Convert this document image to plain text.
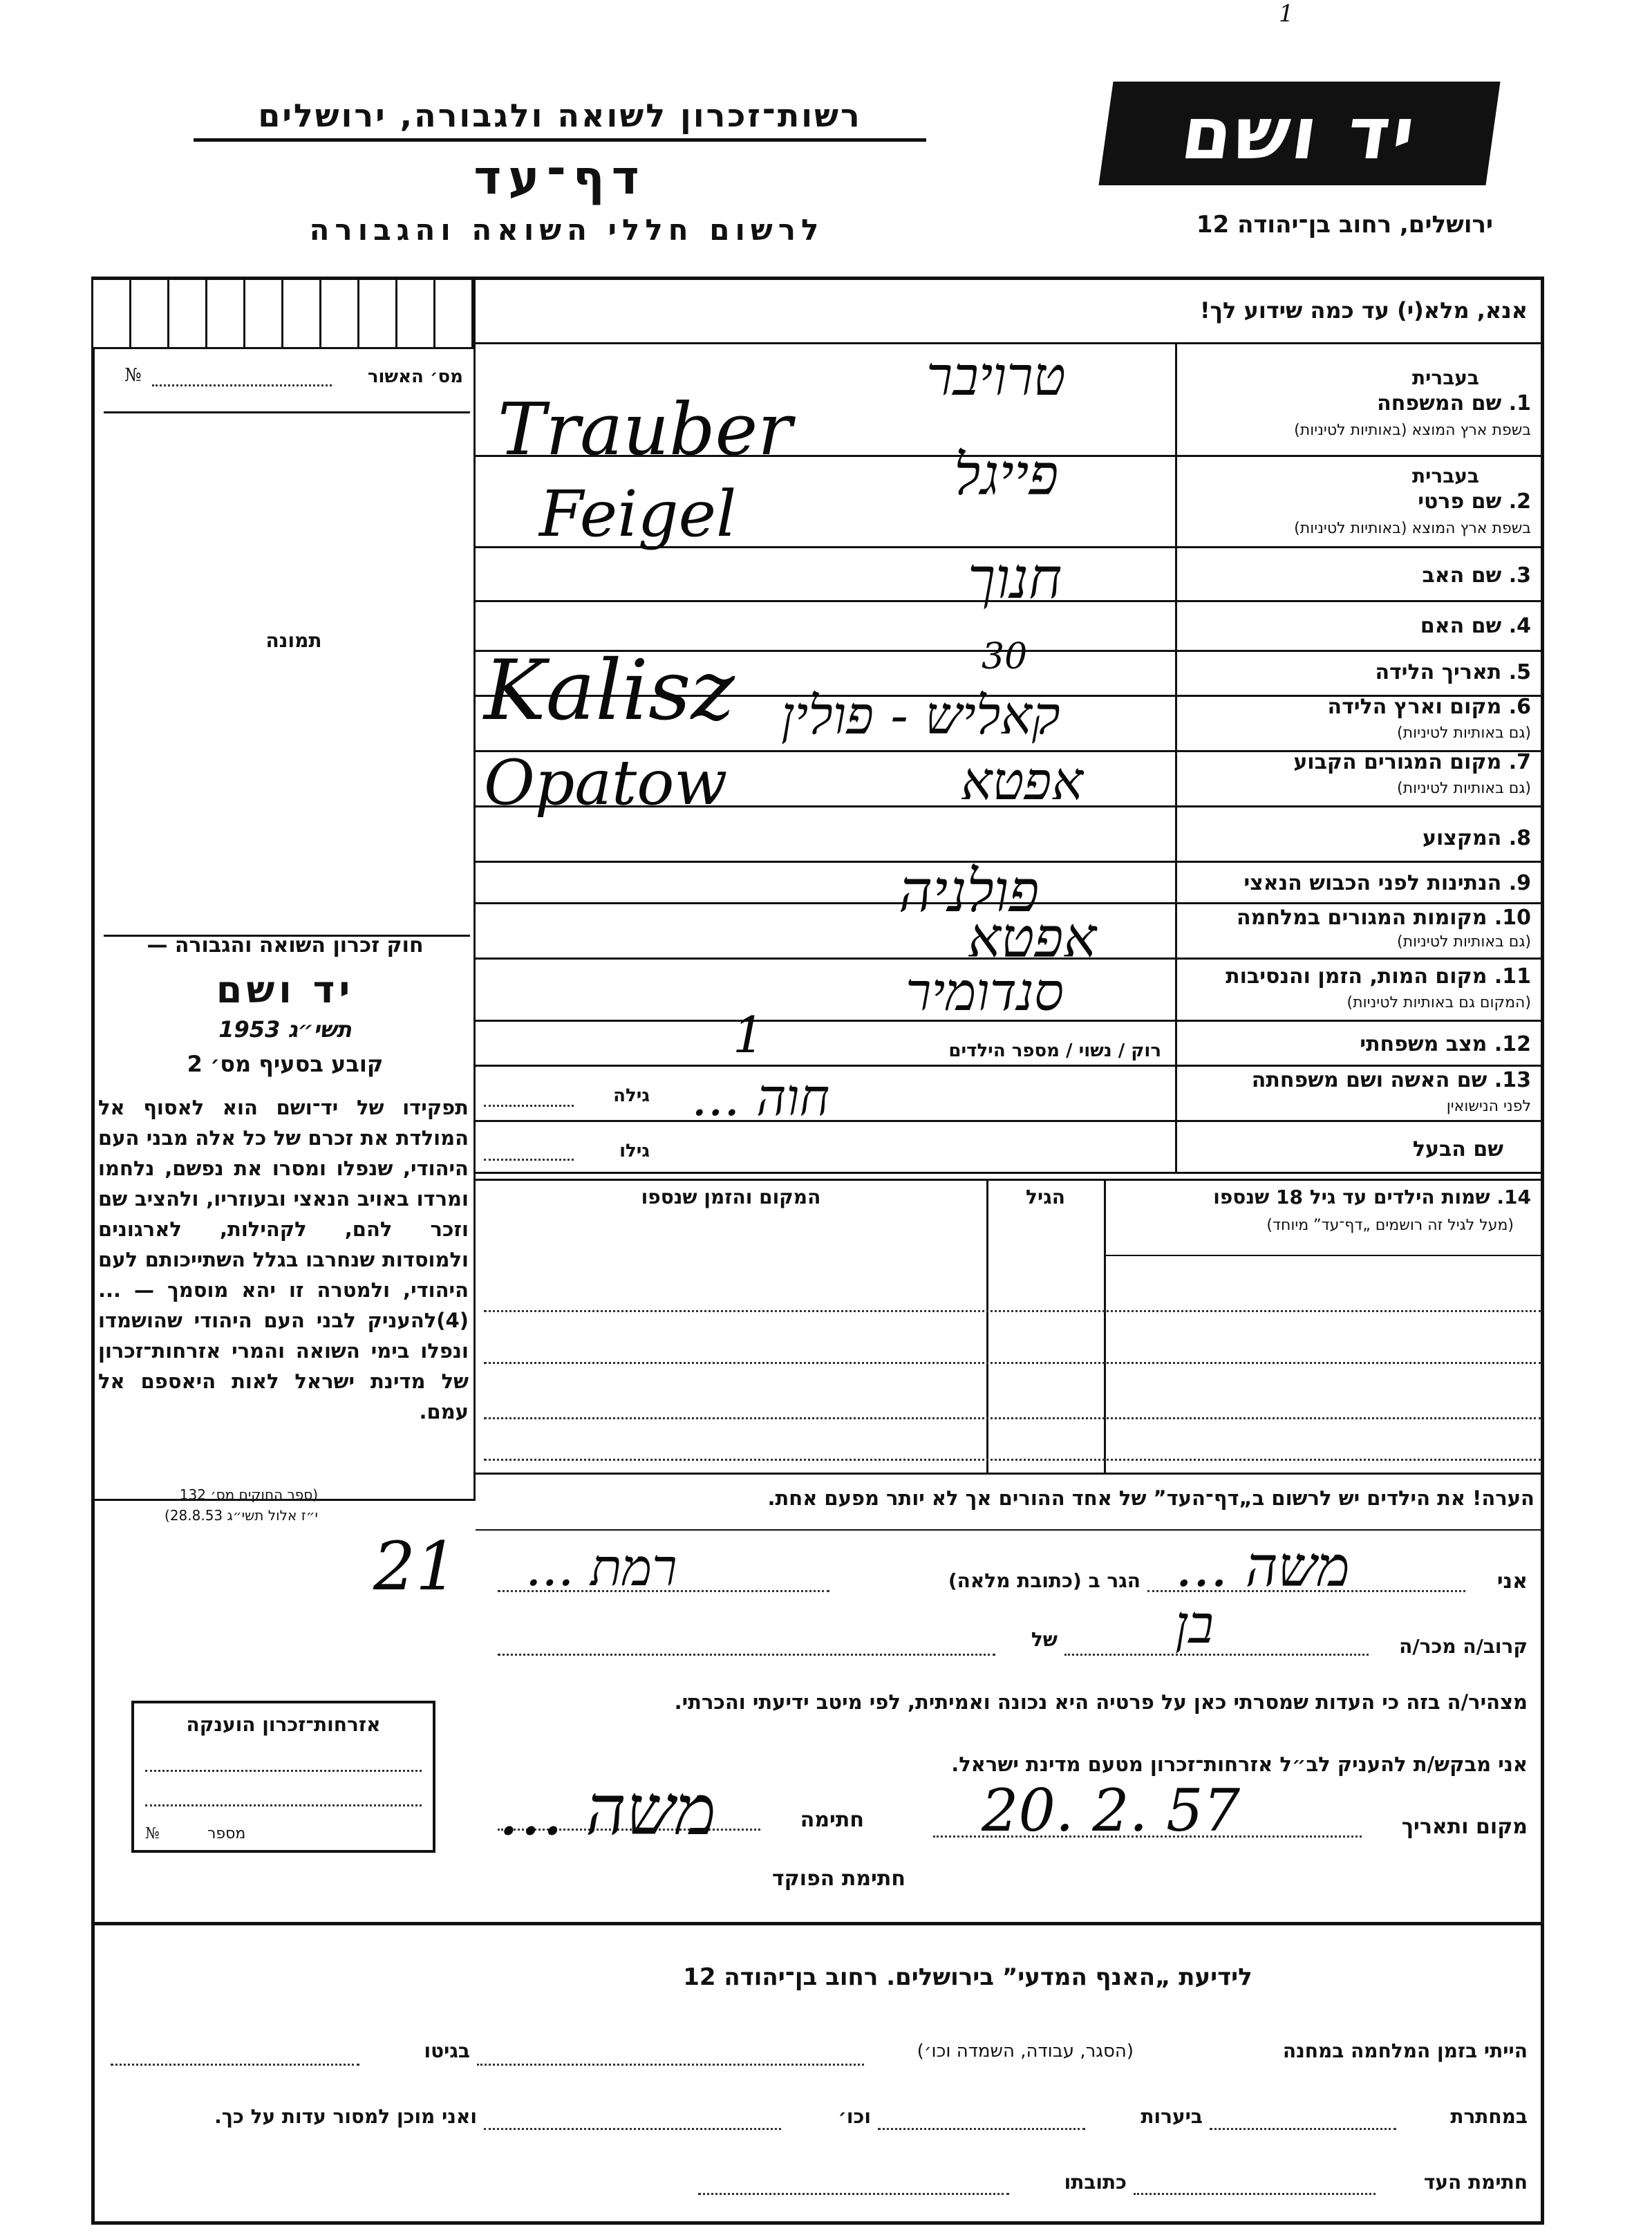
1
רשות־זכרון לשואה ולגבורה, ירושלים
דף־עד
לרשום חללי השואה והגבורה
יד ושם
ירושלים, רחוב בן־יהודה 12
מס׳ האשור
№
תמונה
חוק זכרון השואה והגבורה —
יד ושם
תשי״ג 1953
קובע בסעיף מס׳ 2
תפקידו של יד־ושם הוא לאסוף אל המולדת את זכרם של כל אלה מבני העם היהודי, שנפלו ומסרו את נפשם, נלחמו ומרדו באויב הנאצי ובעוזריו, ולהציב שם וזכר להם, לקהילות, לארגונים ולמוסדות שנחרבו בגלל השתייכותם לעם היהודי, ולמטרה זו יהא מוסמך — ...(4)להעניק לבני העם היהודי שהושמדו ונפלו בימי השואה והמרי אזרחות־זכרון של מדינת ישראל לאות היאספם אל עמם.
(ספר החוקים מס׳ 132
י״ז אלול תשי״ג 28.8.53)
21
אזרחות־זכרון הוענקה
מספר
№
אנא, מלא(י) עד כמה שידוע לך!
בעברית
1. שם המשפחה
בשפת ארץ המוצא (באותיות לטיניות)
בעברית
2. שם פרטי
בשפת ארץ המוצא (באותיות לטיניות)
3. שם האב
4. שם האם
5. תאריך הלידה
6. מקום וארץ הלידה
(גם באותיות לטיניות)
7. מקום המגורים הקבוע
(גם באותיות לטיניות)
8. המקצוע
9. הנתינות לפני הכבוש הנאצי
10. מקומות המגורים במלחמה
(גם באותיות לטיניות)
11. מקום המות, הזמן והנסיבות
(המקום גם באותיות לטיניות)
12. מצב משפחתי
13. שם האשה ושם משפחתה
לפני הנישואין
שם הבעל
רוק / נשוי / מספר הילדים
גילה
גילו
טרויבר
Trauber
פייגל
Feigel
חנוך
30
Kalisz קאליש - פולין
Opatow	אפטא
פולניה
אפטא
סנדומיר
1
חוה ...
14. שמות הילדים עד גיל 18 שנספו
(מעל לגיל זה רושמים „דף־עד” מיוחד)
הגיל
המקום והזמן שנספו
הערה! את הילדים יש לרשום ב„דף־העד” של אחד ההורים אך לא יותר מפעם אחת.
אני
הגר ב (כתובת מלאה) משה ...
רמת ...
קרוב/ה מכר/ה
של בן
מצהיר/ה בזה כי העדות שמסרתי כאן על פרטיה היא נכונה ואמיתית, לפי מיטב ידיעתי והכרתי.
אני מבקש/ת להעניק לב״ל אזרחות־זכרון מטעם מדינת ישראל.
מקום ותאריך
20. 2. 57
חתימה
משה ...
חתימת הפוקד
לידיעת „האנף המדעי” בירושלים. רחוב בן־יהודה 12
הייתי בזמן המלחמה במחנה
(הסגר, עבודה, השמדה וכו׳)
בגיטו
במחתרת
ביערות
וכו׳
ואני מוכן למסור עדות על כך.
חתימת העד
כתובתו
